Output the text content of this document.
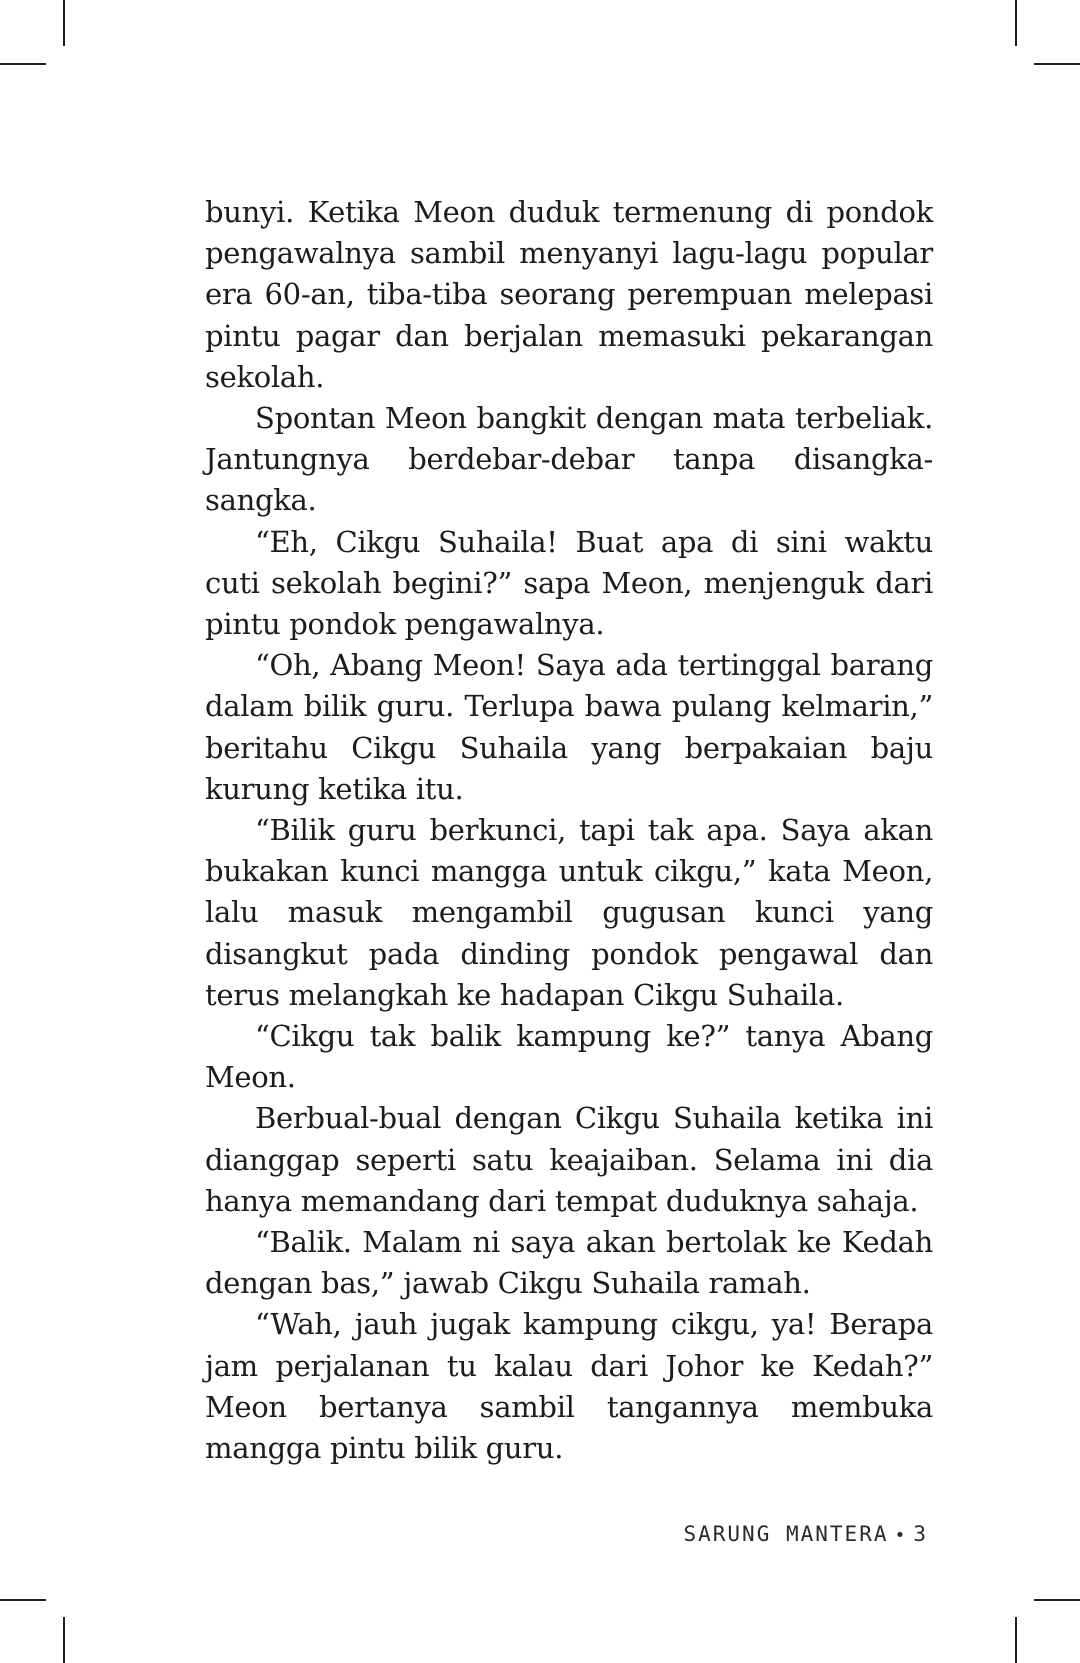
bunyi. Ketika Meon duduk termenung di pondok pengawalnya sambil menyanyi lagu-lagu popular era 60-an, tiba-tiba seorang perempuan melepasi pintu pagar dan berjalan memasuki pekarangan sekolah.

Spontan Meon bangkit dengan mata terbeliak. Jantungnya berdebar-debar tanpa disangka-sangka.

“Eh, Cikgu Suhaila! Buat apa di sini waktu cuti sekolah begini?” sapa Meon, menjenguk dari pintu pondok pengawalnya.

“Oh, Abang Meon! Saya ada tertinggal barang dalam bilik guru. Terlupa bawa pulang kelmarin,” beritahu Cikgu Suhaila yang berpakaian baju kurung ketika itu.

“Bilik guru berkunci, tapi tak apa. Saya akan bukakan kunci mangga untuk cikgu,” kata Meon, lalu masuk mengambil gugusan kunci yang disangkut pada dinding pondok pengawal dan terus melangkah ke hadapan Cikgu Suhaila.

“Cikgu tak balik kampung ke?” tanya Abang Meon.

Berbual-bual dengan Cikgu Suhaila ketika ini dianggap seperti satu keajaiban. Selama ini dia hanya memandang dari tempat duduknya sahaja.

“Balik. Malam ni saya akan bertolak ke Kedah dengan bas,” jawab Cikgu Suhaila ramah.

“Wah, jauh jugak kampung cikgu, ya! Berapa jam perjalanan tu kalau dari Johor ke Kedah?” Meon bertanya sambil tangannya membuka mangga pintu bilik guru.

SARUNG MANTERA • 3
